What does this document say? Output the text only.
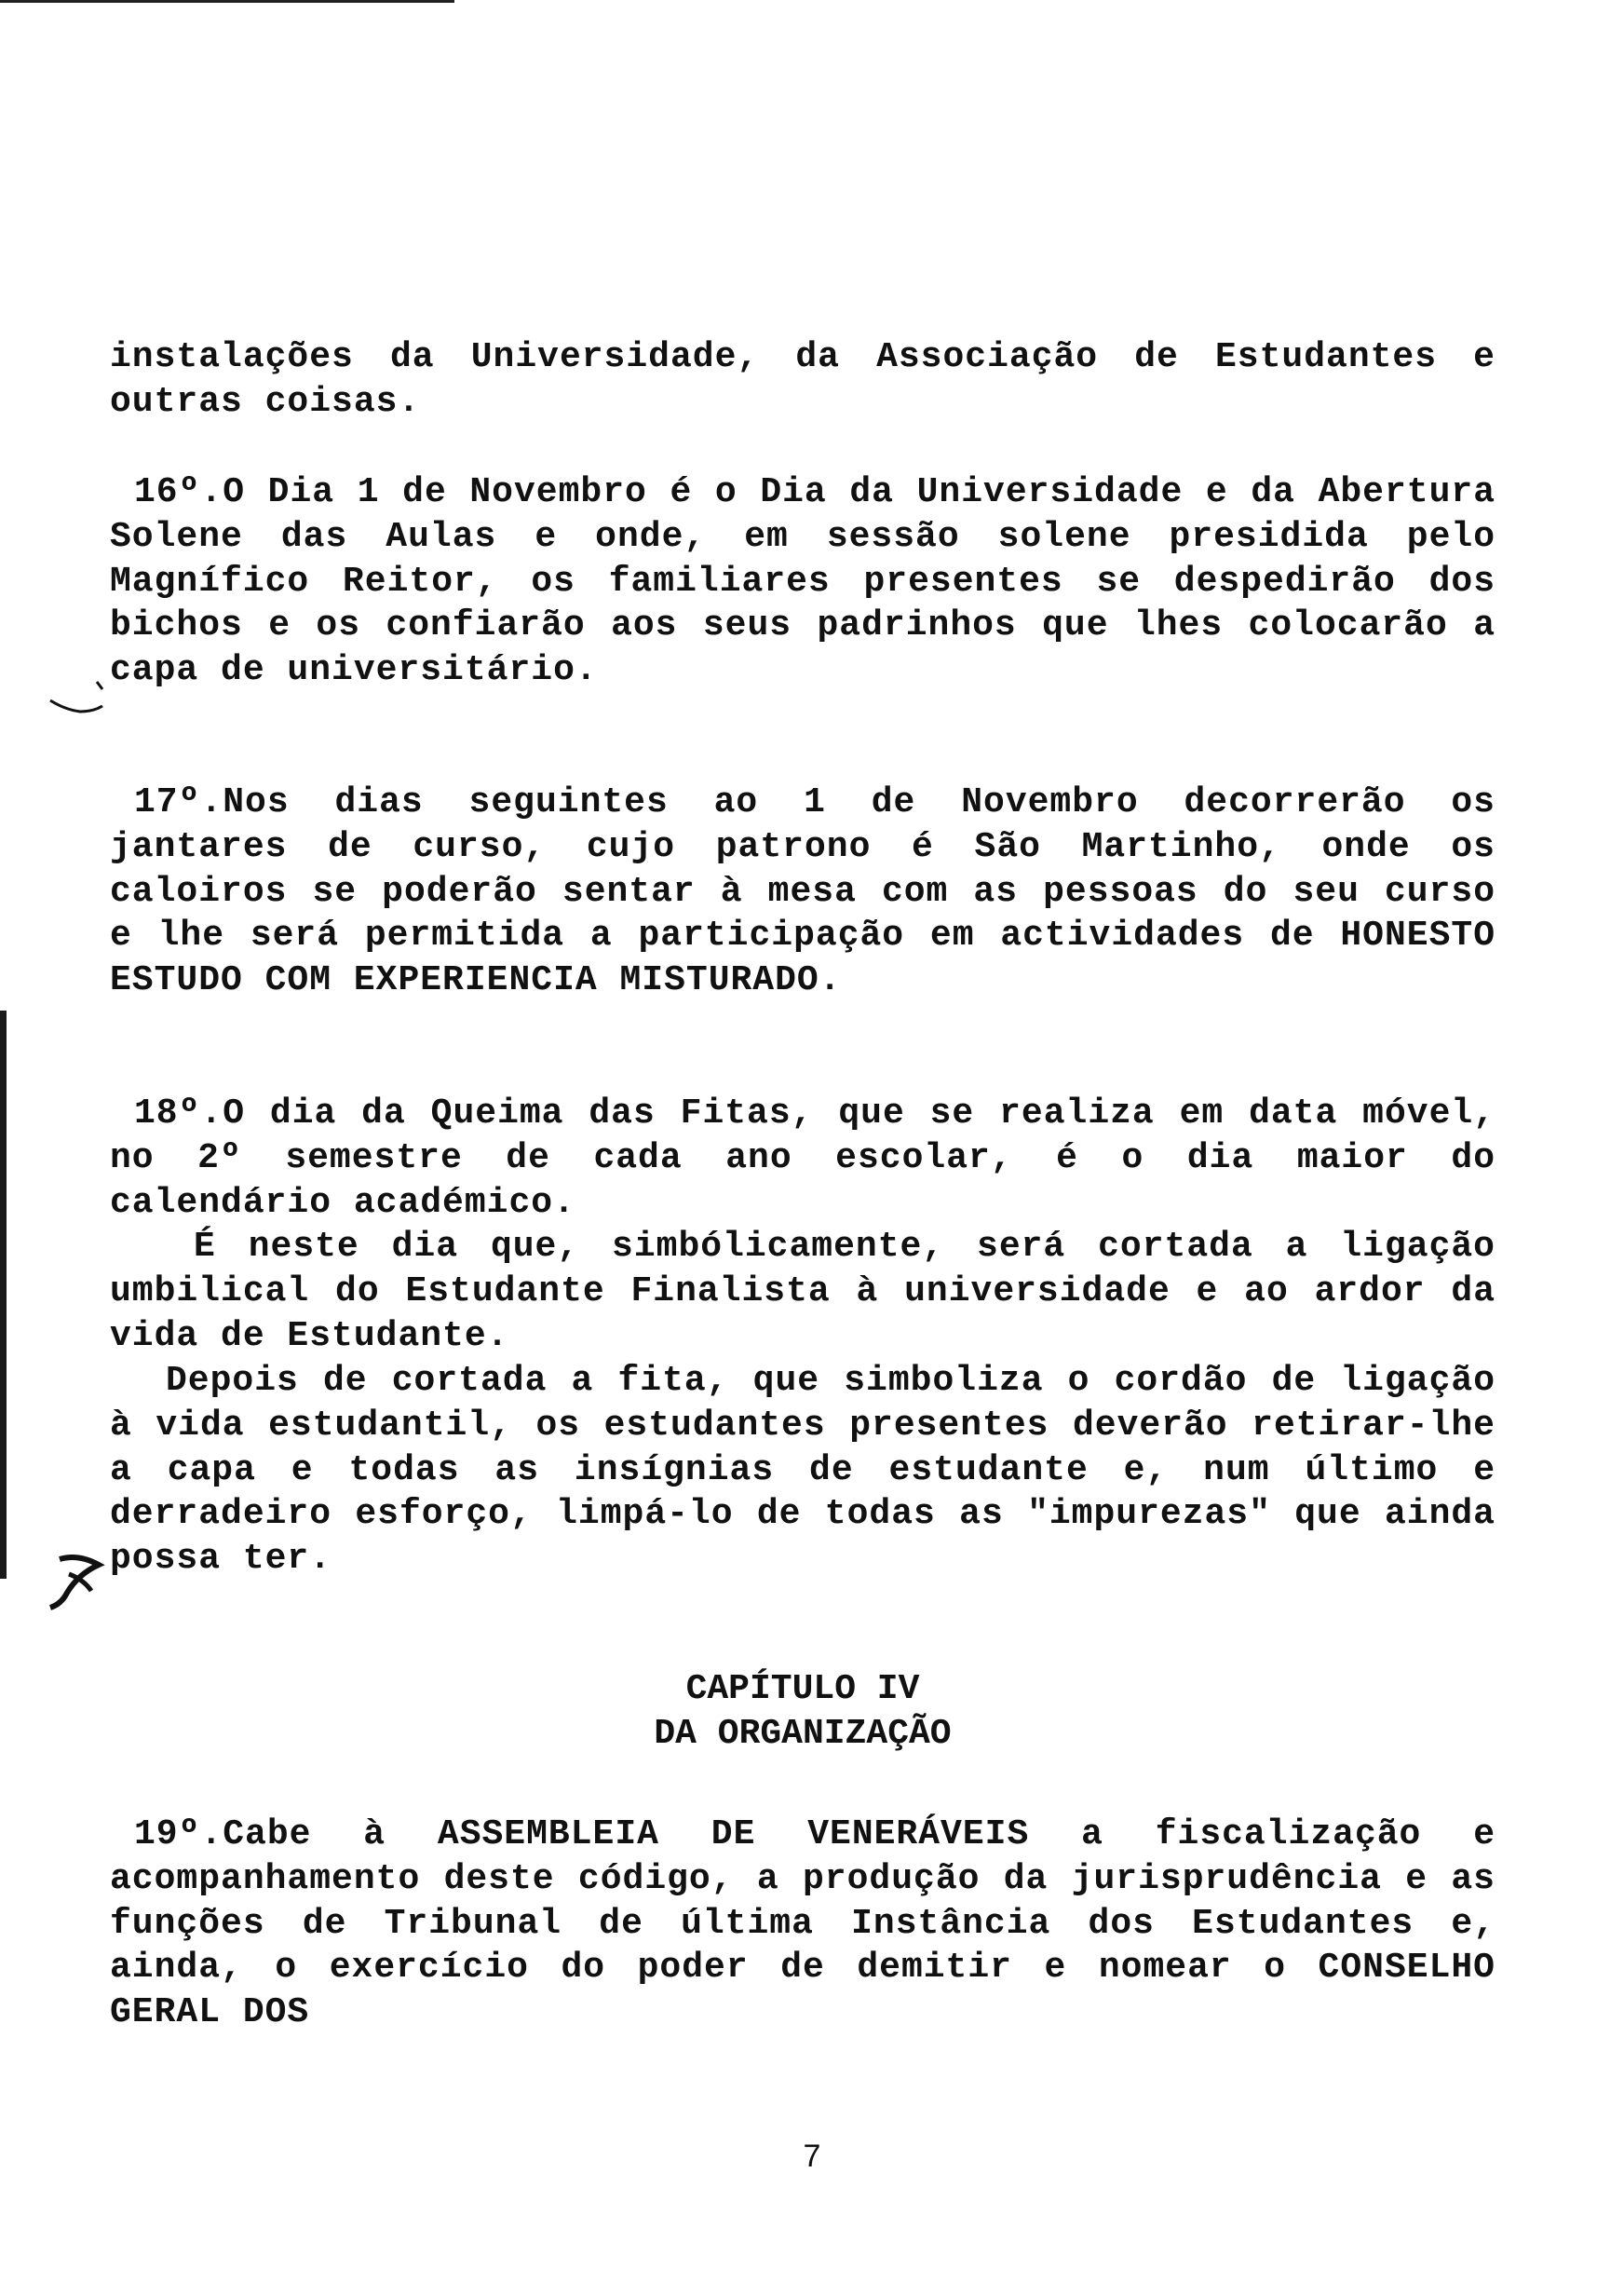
instalações da Universidade, da Associação de Estudantes e outras coisas.

16º.O Dia 1 de Novembro é o Dia da Universidade e da Abertura Solene das Aulas e onde, em sessão solene presidida pelo Magnífico Reitor, os familiares presentes se despedirão dos bichos e os confiarão aos seus padrinhos que lhes colocarão a capa de universitário.

17º.Nos dias seguintes ao 1 de Novembro decorrerão os jantares de curso, cujo patrono é São Martinho, onde os caloiros se poderão sentar à mesa com as pessoas do seu curso e lhe será permitida a participação em actividades de HONESTO ESTUDO COM EXPERIENCIA MISTURADO.

18º.O dia da Queima das Fitas, que se realiza em data móvel, no 2º semestre de cada ano escolar, é o dia maior do calendário académico.

É neste dia que, simbólicamente, será cortada a ligação umbilical do Estudante Finalista à universidade e ao ardor da vida de Estudante.

Depois de cortada a fita, que simboliza o cordão de ligação à vida estudantil, os estudantes presentes deverão retirar-lhe a capa e todas as insígnias de estudante e, num último e derradeiro esforço, limpá-lo de todas as "impurezas" que ainda possa ter.

CAPÍTULO IV
DA ORGANIZAÇÃO

19º.Cabe à ASSEMBLEIA DE VENERÁVEIS a fiscalização e acompanhamento deste código, a produção da jurisprudência e as funções de Tribunal de última Instância dos Estudantes e, ainda, o exercício do poder de demitir e nomear o CONSELHO GERAL DOS

7
